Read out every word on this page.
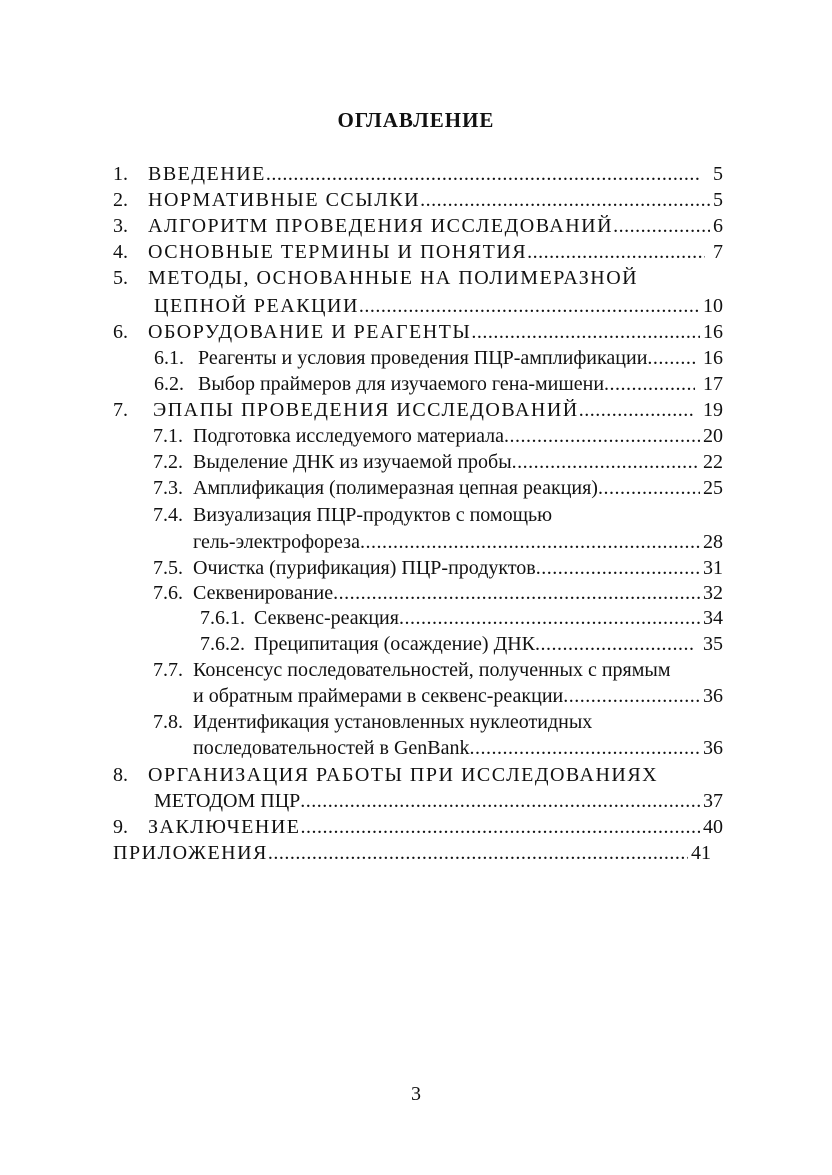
ОГЛАВЛЕНИЕ
1.	ВВЕДЕНИЕ .....	5
2.	НОРМАТИВНЫЕ ССЫЛКИ .....	5
3.	АЛГОРИТМ ПРОВЕДЕНИЯ ИССЛЕДОВАНИЙ .....	6
4.	ОСНОВНЫЕ ТЕРМИНЫ И ПОНЯТИЯ .....	7
5.	МЕТОДЫ, ОСНОВАННЫЕ НА ПОЛИМЕРАЗНОЙ
ЦЕПНОЙ РЕАКЦИИ .....	10
6.	ОБОРУДОВАНИЕ И РЕАГЕНТЫ .....	16
6.1. Реагенты и условия проведения ПЦР-амплификации .....	16
6.2. Выбор праймеров для изучаемого гена-мишени .....	17
7.	ЭПАПЫ ПРОВЕДЕНИЯ ИССЛЕДОВАНИЙ .....	19
7.1. Подготовка исследуемого материала .....	20
7.2. Выделение ДНК из изучаемой пробы .....	22
7.3. Амплификация (полимеразная цепная реакция) .....	25
7.4. Визуализация ПЦР-продуктов с помощью
гель-электрофореза .....	28
7.5. Очистка (пурификация) ПЦР-продуктов .....	31
7.6. Секвенирование .....	32
7.6.1. Секвенс-реакция .....	34
7.6.2. Преципитация (осаждение) ДНК .....	35
7.7. Консенсус последовательностей, полученных с прямым
и обратным праймерами в секвенс-реакции .....	36
7.8. Идентификация установленных нуклеотидных
последовательностей в GenBank .....	36
8.	ОРГАНИЗАЦИЯ РАБОТЫ ПРИ ИССЛЕДОВАНИЯХ
МЕТОДОМ ПЦР .....	37
9.	ЗАКЛЮЧЕНИЕ .....	40
ПРИЛОЖЕНИЯ .....	41
3
